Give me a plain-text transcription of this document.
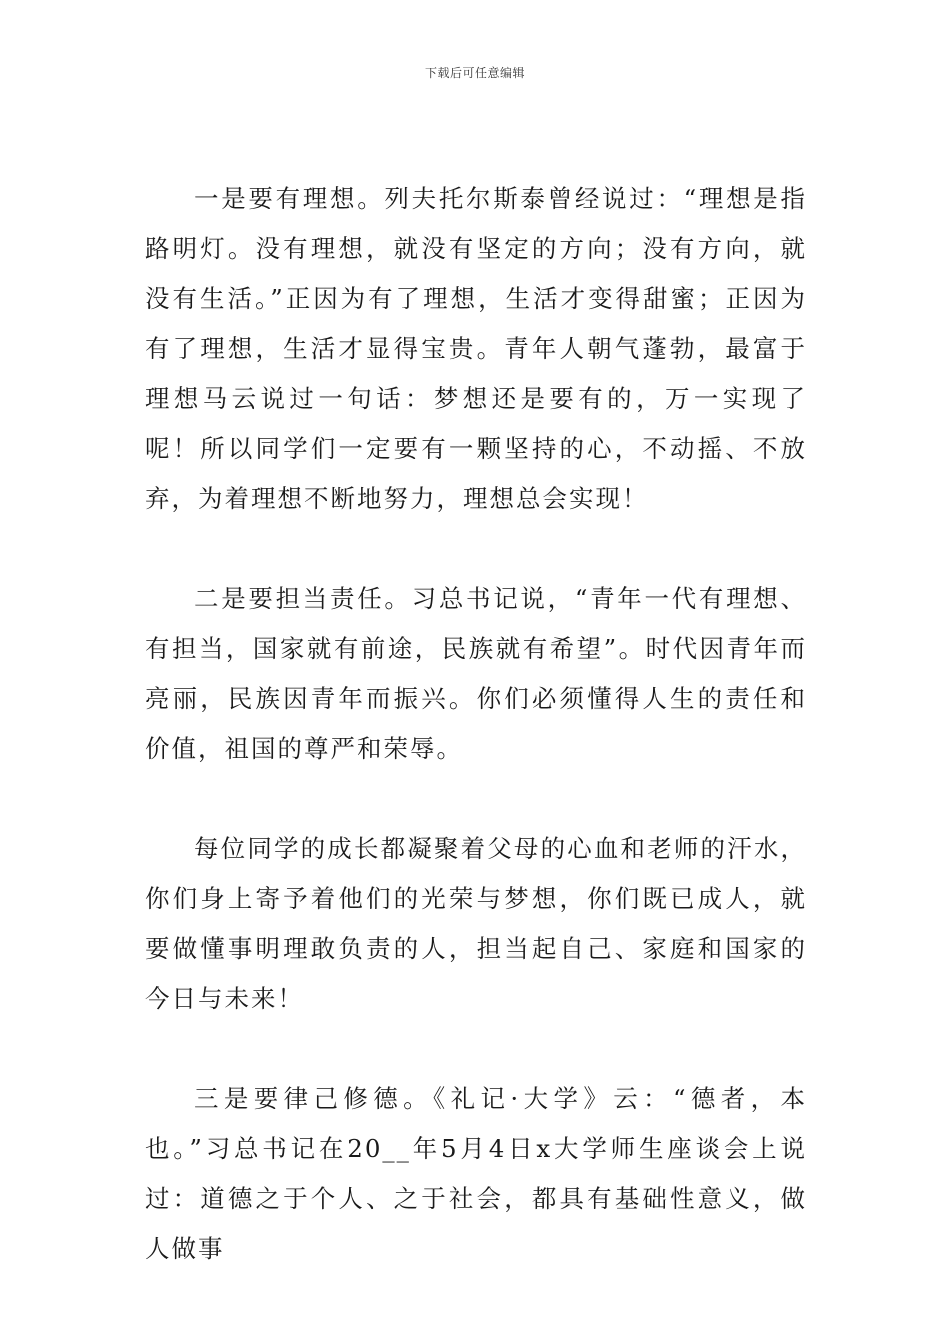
下载后可任意编辑

一是要有理想。列夫托尔斯泰曾经说过：“理想是指路明灯。没有理想，就没有坚定的方向；没有方向，就没有生活。”正因为有了理想，生活才变得甜蜜；正因为有了理想，生活才显得宝贵。青年人朝气蓬勃，最富于理想马云说过一句话：梦想还是要有的，万一实现了呢！所以同学们一定要有一颗坚持的心，不动摇、不放弃，为着理想不断地努力，理想总会实现！

二是要担当责任。习总书记说，“青年一代有理想、有担当，国家就有前途，民族就有希望”。时代因青年而亮丽，民族因青年而振兴。你们必须懂得人生的责任和价值，祖国的尊严和荣辱。

每位同学的成长都凝聚着父母的心血和老师的汗水，你们身上寄予着他们的光荣与梦想，你们既已成人，就要做懂事明理敢负责的人，担当起自己、家庭和国家的今日与未来！

三是要律己修德。《礼记·大学》云：“德者，本也。”习总书记在20__年5月4日x大学师生座谈会上说过：道德之于个人、之于社会，都具有基础性意义，做人做事
